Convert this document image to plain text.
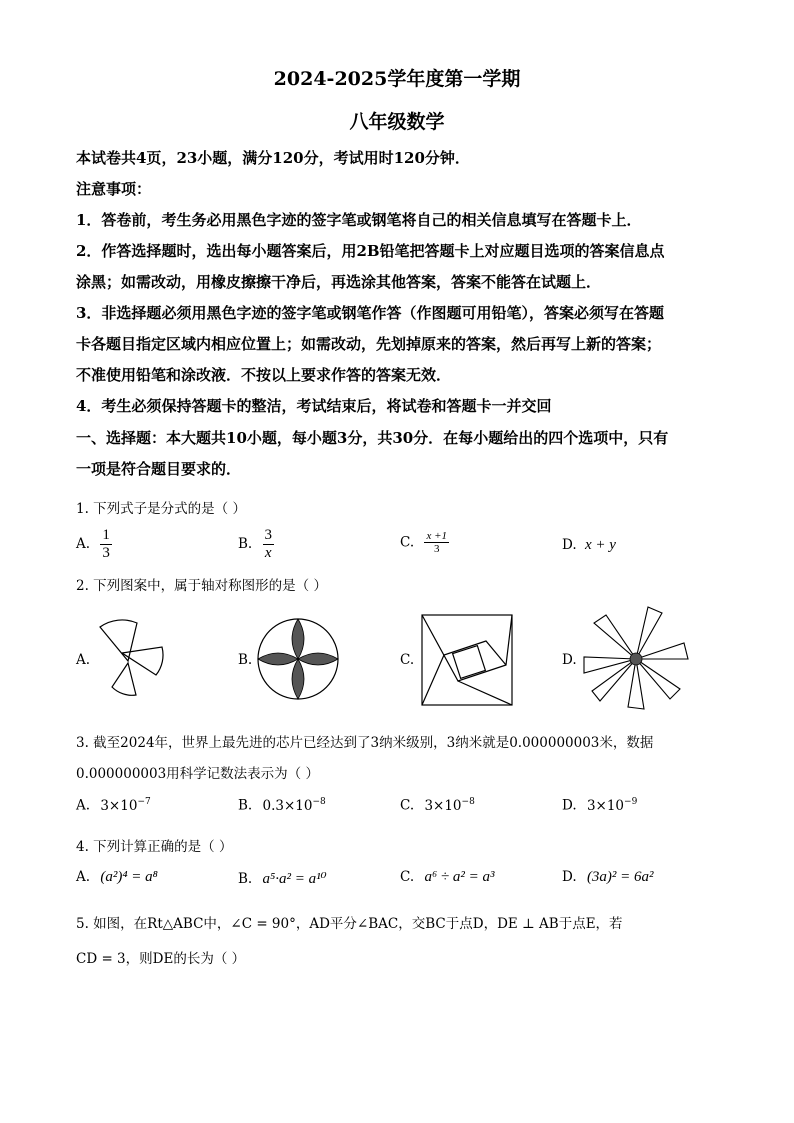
2024-2025学年度第一学期
八年级数学
本试卷共4页，23小题，满分120分，考试用时120分钟．
注意事项：
1．答卷前，考生务必用黑色字迹的签字笔或钢笔将自己的相关信息填写在答题卡上．
2．作答选择题时，选出每小题答案后，用2B铅笔把答题卡上对应题目选项的答案信息点
涂黑；如需改动，用橡皮擦擦干净后，再选涂其他答案，答案不能答在试题上．
3．非选择题必须用黑色字迹的签字笔或钢笔作答（作图题可用铅笔），答案必须写在答题
卡各题目指定区域内相应位置上；如需改动，先划掉原来的答案，然后再写上新的答案；
不准使用铅笔和涂改液．不按以上要求作答的答案无效．
4．考生必须保持答题卡的整洁，考试结束后，将试卷和答题卡一并交回
一、选择题：本大题共10小题，每小题3分，共30分．在每小题给出的四个选项中，只有
一项是符合题目要求的．
1. 下列式子是分式的是（ ）
A. $\frac{1}{3}$	B. $\frac{3}{x}$	C. $\frac{x +1}{3}$	D. x + y
2. 下列图案中，属于轴对称图形的是（ ）
A.	B.	C.	D.
3. 截至2024年，世界上最先进的芯片已经达到了3纳米级别，3纳米就是0.000000003米，数据
0.000000003用科学记数法表示为（ ）
A. $3\times 10^{-7}$	B. $0.3\times 10^{-8}$	C. $3\times 10^{-8}$	D. $3\times 10^{-9}$
4. 下列计算正确的是（ ）
A. (a²)⁴ = a⁸	B. a⁵·a² = a¹⁰	C. a⁶ ÷ a² = a³	D. (3a)² = 6a²
5. 如图，在Rt△ABC中，∠C = 90°，AD平分∠BAC，交BC于点D，DE ⊥ AB于点E，若
CD = 3，则DE的长为（ ）
